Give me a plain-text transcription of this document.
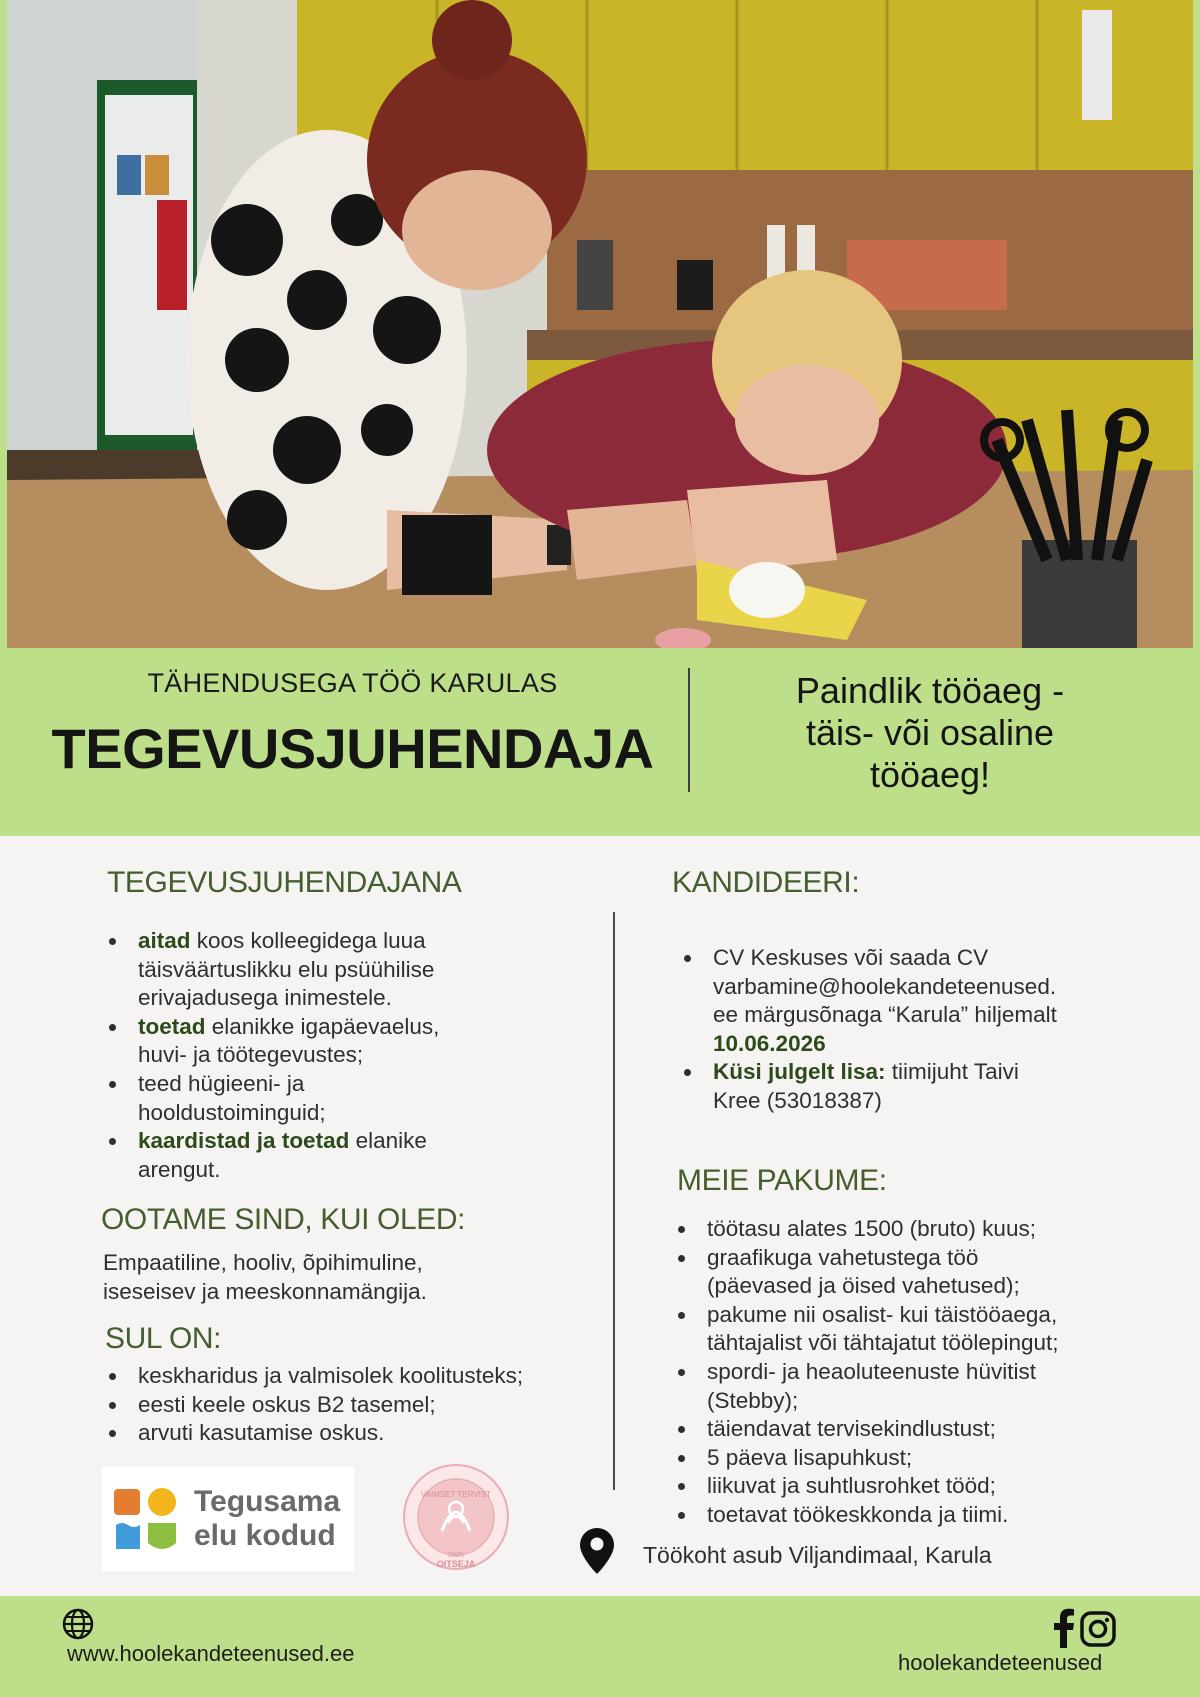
TÄHENDUSEGA TÖÖ KARULAS
TEGEVUSJUHENDAJA
Paindlik tööaeg -
täis- või osaline
tööaeg!
TEGEVUSJUHENDAJANA
aitad koos kolleegidega luua
täisväärtuslikku elu psüühilise
erivajadusega inimestele.
toetad elanikke igapäevaelus,
huvi- ja töötegevustes;
teed hügieeni- ja
hooldustoiminguid;
kaardistad ja toetad elanike
arengut.
OOTAME SIND, KUI OLED:
Empaatiline, hooliv, õpihimuline,
iseseisev ja meeskonnamängija.
SUL ON:
keskharidus ja valmisolek koolitusteks;
eesti keele oskus B2 tasemel;
arvuti kasutamise oskus.
Tegusama
elu kodud
VAIMSET TERVIST
2025
OITSEJA
KANDIDEERI:
CV Keskuses või saada CV
varbamine@hoolekandeteenused.
ee märgusõnaga “Karula” hiljemalt
10.06.2026
Küsi julgelt lisa: tiimijuht Taivi
Kree (53018387)
MEIE PAKUME:
töötasu alates 1500 (bruto) kuus;
graafikuga vahetustega töö
(päevased ja öised vahetused);
pakume nii osalist- kui täistööaega,
tähtajalist või tähtajatut töölepingut;
spordi- ja heaoluteenuste hüvitist
(Stebby);
täiendavat tervisekindlustust;
5 päeva lisapuhkust;
liikuvat ja suhtlusrohket tööd;
toetavat töökeskkonda ja tiimi.
Töökoht asub Viljandimaal, Karula
www.hoolekandeteenused.ee	hoolekandeteenused
